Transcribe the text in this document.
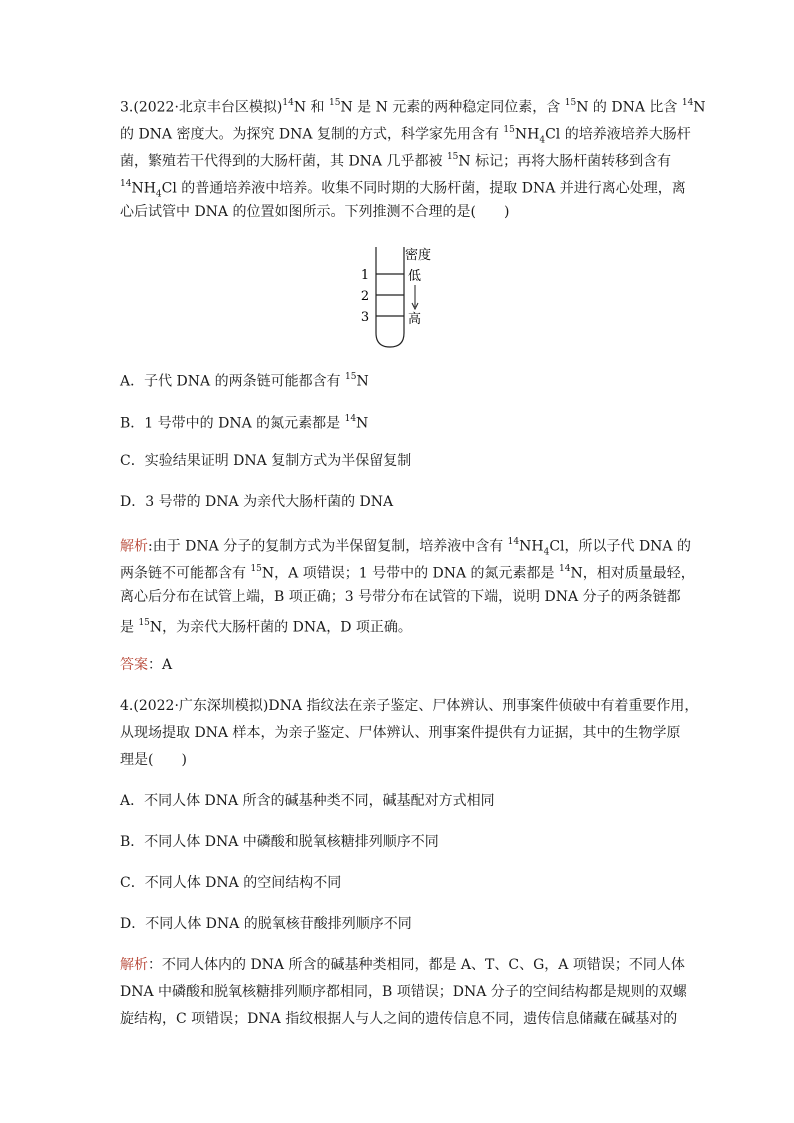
3.(2022·北京丰台区模拟)$^{14}$N 和 $^{15}$N 是 N 元素的两种稳定同位素，含 $^{15}$N 的 DNA 比含 $^{14}$N
的 DNA 密度大。为探究 DNA 复制的方式，科学家先用含有 $^{15}NH_4Cl$ 的培养液培养大肠杆
菌，繁殖若干代得到的大肠杆菌，其 DNA 几乎都被 $^{15}$N 标记；再将大肠杆菌转移到含有
$^{14}NH_4Cl$ 的普通培养液中培养。收集不同时期的大肠杆菌，提取 DNA 并进行离心处理，离
心后试管中 DNA 的位置如图所示。下列推测不合理的是(　　)
1
2
3
密度
低
高
A．子代 DNA 的两条链可能都含有 $^{15}$N
B．1 号带中的 DNA 的氮元素都是 $^{14}$N
C．实验结果证明 DNA 复制方式为半保留复制
D．3 号带的 DNA 为亲代大肠杆菌的 DNA
解析:由于 DNA 分子的复制方式为半保留复制，培养液中含有 $^{14}NH_4Cl$，所以子代 DNA 的
两条链不可能都含有 $^{15}$N，A 项错误；1 号带中的 DNA 的氮元素都是 $^{14}$N，相对质量最轻，
离心后分布在试管上端，B 项正确；3 号带分布在试管的下端，说明 DNA 分子的两条链都
是 $^{15}$N，为亲代大肠杆菌的 DNA，D 项正确。
答案：A
4.(2022·广东深圳模拟)DNA 指纹法在亲子鉴定、尸体辨认、刑事案件侦破中有着重要作用，
从现场提取 DNA 样本，为亲子鉴定、尸体辨认、刑事案件提供有力证据，其中的生物学原
理是(　　)
A．不同人体 DNA 所含的碱基种类不同，碱基配对方式相同
B．不同人体 DNA 中磷酸和脱氧核糖排列顺序不同
C．不同人体 DNA 的空间结构不同
D．不同人体 DNA 的脱氧核苷酸排列顺序不同
解析：不同人体内的 DNA 所含的碱基种类相同，都是 A、T、C、G，A 项错误；不同人体
DNA 中磷酸和脱氧核糖排列顺序都相同，B 项错误；DNA 分子的空间结构都是规则的双螺
旋结构，C 项错误；DNA 指纹根据人与人之间的遗传信息不同，遗传信息储藏在碱基对的
